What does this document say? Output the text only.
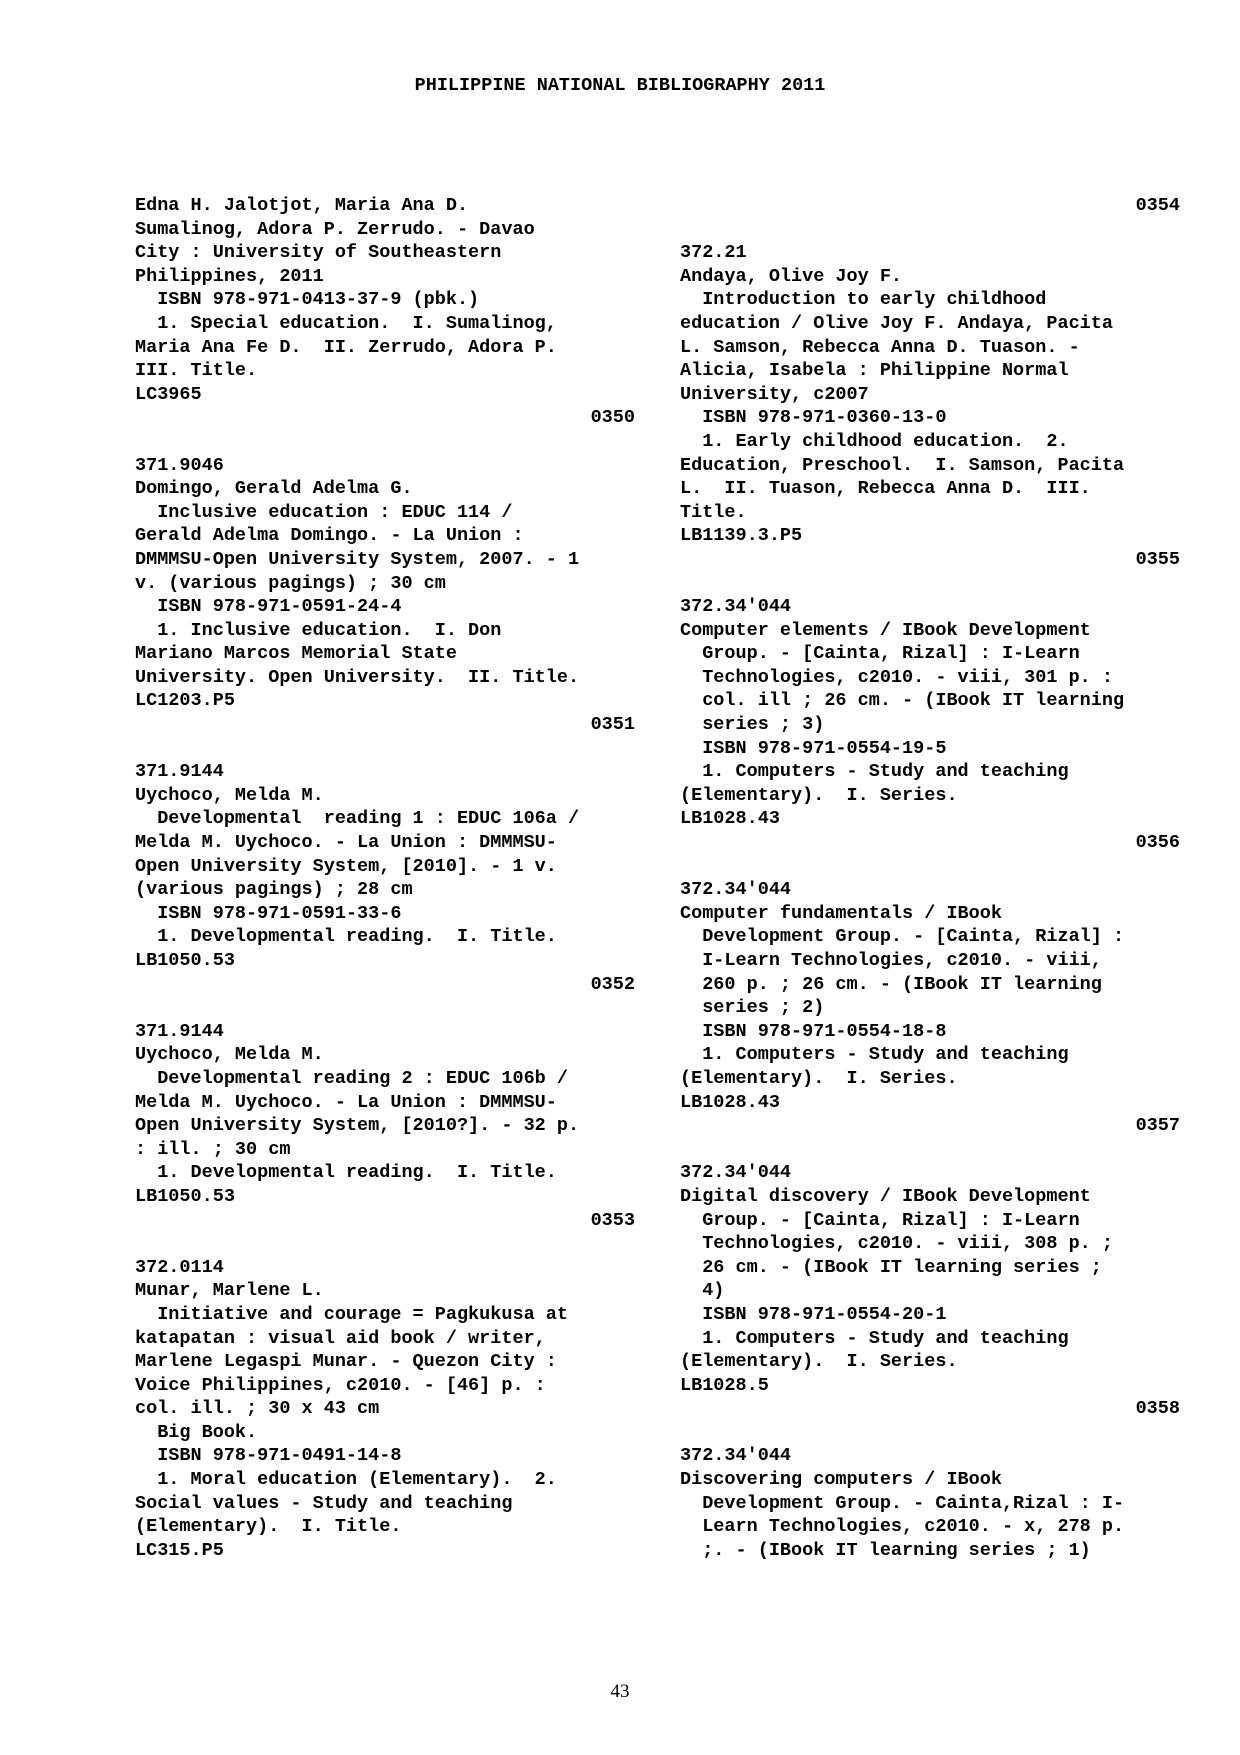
PHILIPPINE NATIONAL BIBLIOGRAPHY 2011
Edna H. Jalotjot, Maria Ana D.
Sumalinog, Adora P. Zerrudo. - Davao
City : University of Southeastern
Philippines, 2011
ISBN 978-971-0413-37-9 (pbk.)
1. Special education.  I. Sumalinog,
Maria Ana Fe D.  II. Zerrudo, Adora P.
III. Title.
LC3965
0350
371.9046
Domingo, Gerald Adelma G.
Inclusive education : EDUC 114 /
Gerald Adelma Domingo. - La Union :
DMMMSU-Open University System, 2007. - 1
v. (various pagings) ; 30 cm
ISBN 978-971-0591-24-4
1. Inclusive education.  I. Don
Mariano Marcos Memorial State
University. Open University.  II. Title.
LC1203.P5
0351
371.9144
Uychoco, Melda M.
Developmental  reading 1 : EDUC 106a /
Melda M. Uychoco. - La Union : DMMMSU-
Open University System, [2010]. - 1 v.
(various pagings) ; 28 cm
ISBN 978-971-0591-33-6
1. Developmental reading.  I. Title.
LB1050.53
0352
371.9144
Uychoco, Melda M.
Developmental reading 2 : EDUC 106b /
Melda M. Uychoco. - La Union : DMMMSU-
Open University System, [2010?]. - 32 p.
: ill. ; 30 cm
1. Developmental reading.  I. Title.
LB1050.53
0353
372.0114
Munar, Marlene L.
Initiative and courage = Pagkukusa at
katapatan : visual aid book / writer,
Marlene Legaspi Munar. - Quezon City :
Voice Philippines, c2010. - [46] p. :
col. ill. ; 30 x 43 cm
Big Book.
ISBN 978-971-0491-14-8
1. Moral education (Elementary).  2.
Social values - Study and teaching
(Elementary).  I. Title.
LC315.P5
0354
372.21
Andaya, Olive Joy F.
Introduction to early childhood
education / Olive Joy F. Andaya, Pacita
L. Samson, Rebecca Anna D. Tuason. -
Alicia, Isabela : Philippine Normal
University, c2007
ISBN 978-971-0360-13-0
1. Early childhood education.  2.
Education, Preschool.  I. Samson, Pacita
L.  II. Tuason, Rebecca Anna D.  III.
Title.
LB1139.3.P5
0355
372.34'044
Computer elements / IBook Development
Group. - [Cainta, Rizal] : I-Learn
Technologies, c2010. - viii, 301 p. :
col. ill ; 26 cm. - (IBook IT learning
series ; 3)
ISBN 978-971-0554-19-5
1. Computers - Study and teaching
(Elementary).  I. Series.
LB1028.43
0356
372.34'044
Computer fundamentals / IBook
Development Group. - [Cainta, Rizal] :
I-Learn Technologies, c2010. - viii,
260 p. ; 26 cm. - (IBook IT learning
series ; 2)
ISBN 978-971-0554-18-8
1. Computers - Study and teaching
(Elementary).  I. Series.
LB1028.43
0357
372.34'044
Digital discovery / IBook Development
Group. - [Cainta, Rizal] : I-Learn
Technologies, c2010. - viii, 308 p. ;
26 cm. - (IBook IT learning series ;
4)
ISBN 978-971-0554-20-1
1. Computers - Study and teaching
(Elementary).  I. Series.
LB1028.5
0358
372.34'044
Discovering computers / IBook
Development Group. - Cainta,Rizal : I-
Learn Technologies, c2010. - x, 278 p.
;. - (IBook IT learning series ; 1)
43
